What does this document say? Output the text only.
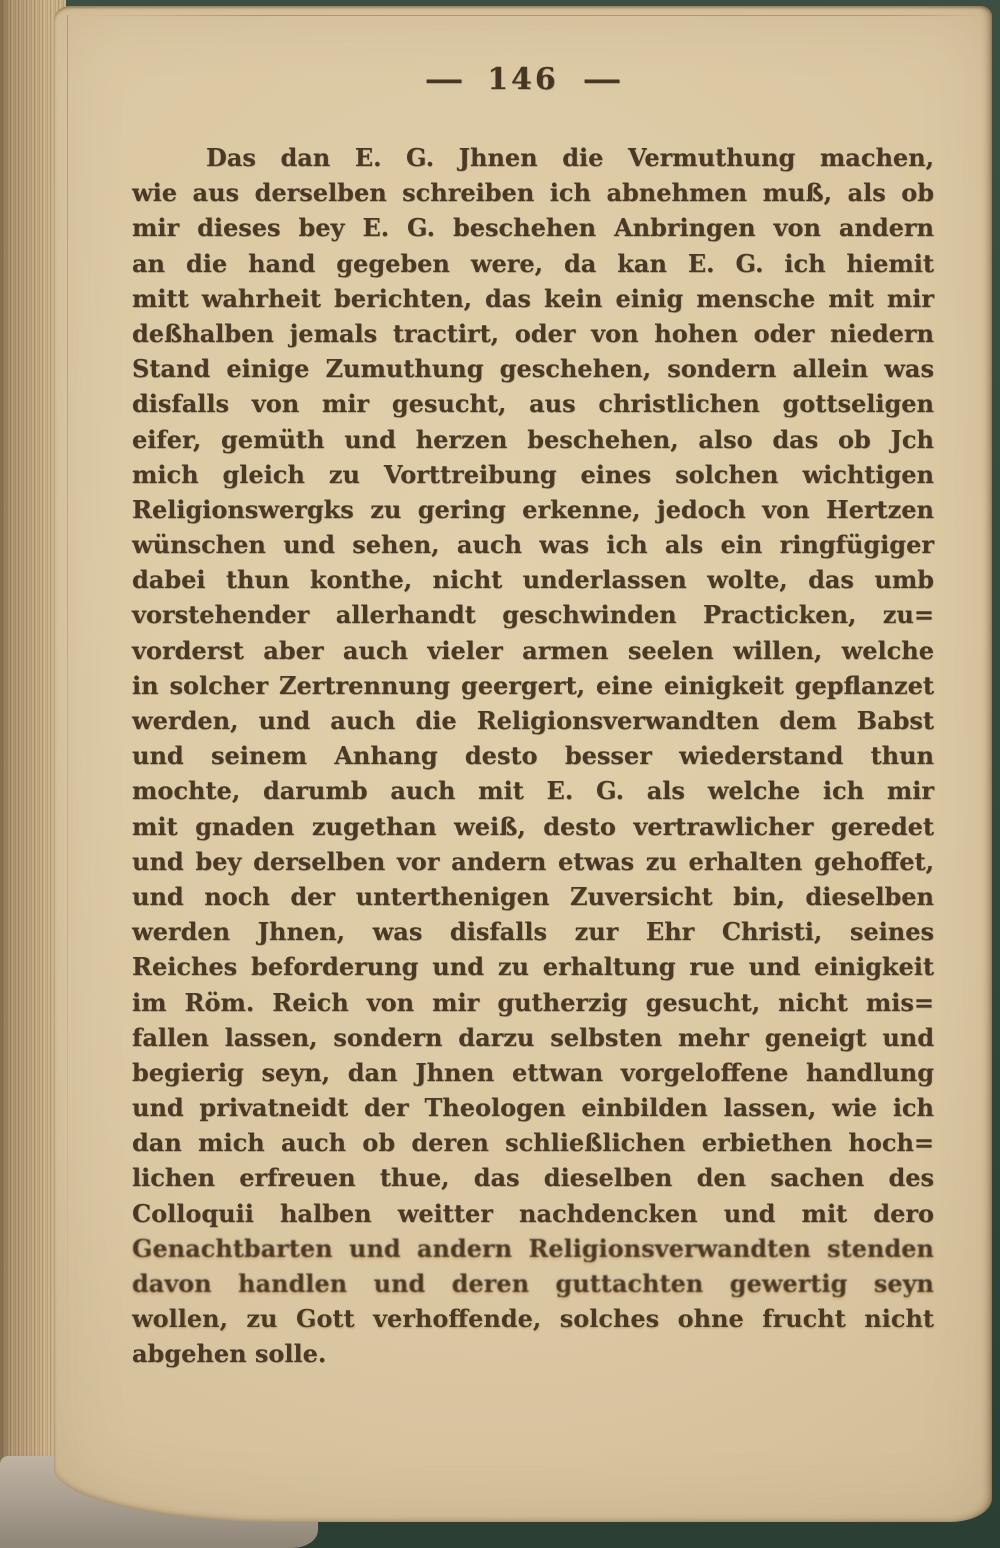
— 146 —
Das dan E. G. Jhnen die Vermuthung machen,
wie aus derselben schreiben ich abnehmen muß, als ob
mir dieses bey E. G. beschehen Anbringen von andern
an die hand gegeben were, da kan E. G. ich hiemit
mitt wahrheit berichten, das kein einig mensche mit mir
deßhalben jemals tractirt, oder von hohen oder niedern
Stand einige Zumuthung geschehen, sondern allein was
disfalls von mir gesucht, aus christlichen gottseligen
eifer, gemüth und herzen beschehen, also das ob Jch
mich gleich zu Vorttreibung eines solchen wichtigen
Religionswergks zu gering erkenne, jedoch von Hertzen
wünschen und sehen, auch was ich als ein ringfügiger
dabei thun konthe, nicht underlassen wolte, das umb
vorstehender allerhandt geschwinden Practicken, zu=
vorderst aber auch vieler armen seelen willen, welche
in solcher Zertrennung geergert, eine einigkeit gepflanzet
werden, und auch die Religionsverwandten dem Babst
und seinem Anhang desto besser wiederstand thun
mochte, darumb auch mit E. G. als welche ich mir
mit gnaden zugethan weiß, desto vertrawlicher geredet
und bey derselben vor andern etwas zu erhalten gehoffet,
und noch der unterthenigen Zuversicht bin, dieselben
werden Jhnen, was disfalls zur Ehr Christi, seines
Reiches beforderung und zu erhaltung rue und einigkeit
im Röm. Reich von mir gutherzig gesucht, nicht mis=
fallen lassen, sondern darzu selbsten mehr geneigt und
begierig seyn, dan Jhnen ettwan vorgeloffene handlung
und privatneidt der Theologen einbilden lassen, wie ich
dan mich auch ob deren schließlichen erbiethen hoch=
lichen erfreuen thue, das dieselben den sachen des
Colloquii halben weitter nachdencken und mit dero
Genachtbarten und andern Religionsverwandten stenden
davon handlen und deren guttachten gewertig seyn
wollen, zu Gott verhoffende, solches ohne frucht nicht
abgehen solle.
